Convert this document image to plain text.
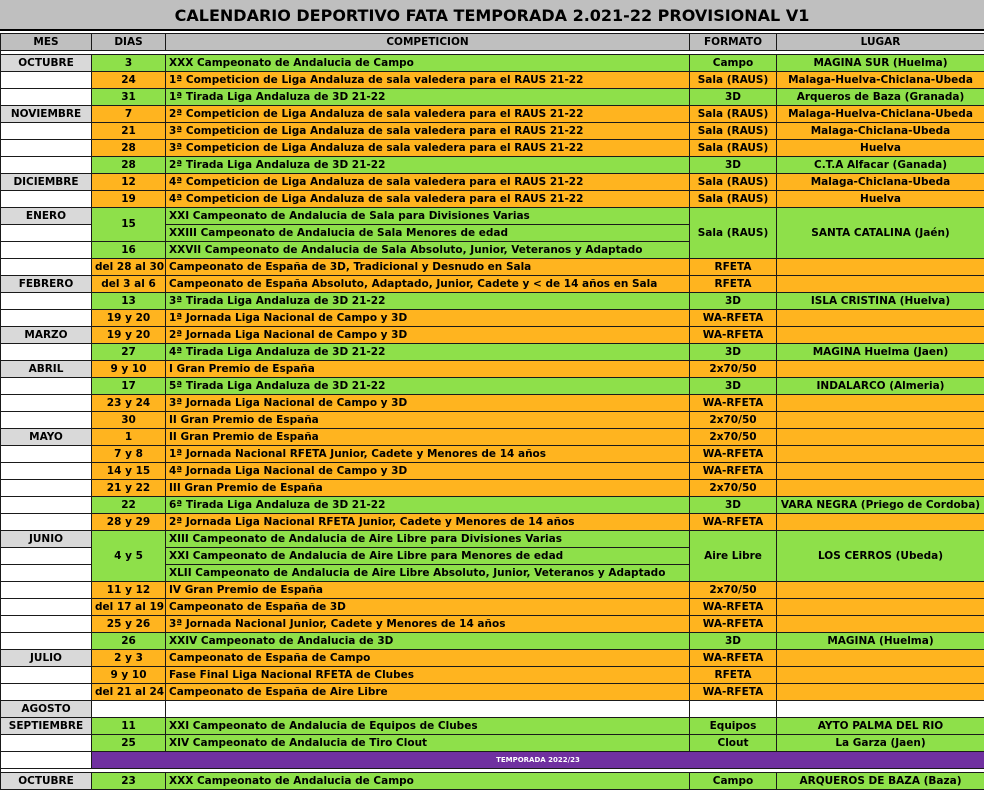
CALENDARIO DEPORTIVO FATA TEMPORADA 2.021-22 PROVISIONAL V1
MES	DIAS	COMPETICION	FORMATO	LUGAR

OCTUBRE	3	XXX Campeonato de Andalucia de Campo	Campo	MAGINA SUR (Huelma)
	24	1ª Competicion de Liga Andaluza de sala valedera para el RAUS 21-22	Sala (RAUS)	Malaga-Huelva-Chiclana-Ubeda
	31	1ª Tirada Liga Andaluza de 3D 21-22	3D	Arqueros de Baza (Granada)
NOVIEMBRE	7	2ª Competicion de Liga Andaluza de sala valedera para el RAUS 21-22	Sala (RAUS)	Malaga-Huelva-Chiclana-Ubeda
	21	3ª Competicion de Liga Andaluza de sala valedera para el RAUS 21-22	Sala (RAUS)	Malaga-Chiclana-Ubeda
	28	3ª Competicion de Liga Andaluza de sala valedera para el RAUS 21-22	Sala (RAUS)	Huelva
	28	2ª Tirada Liga Andaluza de 3D 21-22	3D	C.T.A Alfacar (Ganada)
DICIEMBRE	12	4ª Competicion de Liga Andaluza de sala valedera para el RAUS 21-22	Sala (RAUS)	Malaga-Chiclana-Ubeda
	19	4ª Competicion de Liga Andaluza de sala valedera para el RAUS 21-22	Sala (RAUS)	Huelva
ENERO	15	XXI Campeonato de Andalucia de Sala para Divisiones Varias	Sala (RAUS)	SANTA CATALINA (Jaén)
		XXIII Campeonato de Andalucia de Sala Menores de edad		
	16	XXVII Campeonato de Andalucia de Sala Absoluto, Junior, Veteranos y Adaptado		
	del 28 al 30	Campeonato de España de 3D, Tradicional y Desnudo en Sala	RFETA	
FEBRERO	del 3 al 6	Campeonato de España Absoluto, Adaptado, Junior, Cadete y < de 14 años en Sala	RFETA	
	13	3ª Tirada Liga Andaluza de 3D 21-22	3D	ISLA CRISTINA (Huelva)
	19 y 20	1ª Jornada Liga Nacional de Campo y 3D	WA-RFETA	
MARZO	19 y 20	2ª Jornada Liga Nacional de Campo y 3D	WA-RFETA	
	27	4ª Tirada Liga Andaluza de 3D 21-22	3D	MAGINA Huelma (Jaen)
ABRIL	9 y 10	I Gran Premio de España	2x70/50	
	17	5ª Tirada Liga Andaluza de 3D 21-22	3D	INDALARCO (Almeria)
	23 y 24	3ª Jornada Liga Nacional de Campo y 3D	WA-RFETA	
	30	II Gran Premio de España	2x70/50	
MAYO	1	II Gran Premio de España	2x70/50	
	7 y 8	1ª Jornada Nacional RFETA Junior, Cadete y Menores de 14 años	WA-RFETA	
	14 y 15	4ª Jornada Liga Nacional de Campo y 3D	WA-RFETA	
	21 y 22	III Gran Premio de España	2x70/50	
	22	6ª Tirada Liga Andaluza de 3D 21-22	3D	VARA NEGRA (Priego de Cordoba)
	28 y 29	2ª Jornada Liga Nacional RFETA Junior, Cadete y Menores de 14 años	WA-RFETA	
JUNIO	4 y 5	XIII Campeonato de Andalucia de Aire Libre para Divisiones Varias	Aire Libre	LOS CERROS (Ubeda)
		XXI Campeonato de Andalucia de Aire Libre para Menores de edad		
		XLII Campeonato de Andalucia de Aire Libre Absoluto, Junior, Veteranos y Adaptado		
	11 y 12	IV Gran Premio de España	2x70/50	
	del 17 al 19	Campeonato de España de 3D	WA-RFETA	
	25 y 26	3ª Jornada Nacional Junior, Cadete y Menores de 14 años	WA-RFETA	
	26	XXIV Campeonato de Andalucia de 3D	3D	MAGINA (Huelma)
JULIO	2 y 3	Campeonato de España de Campo	WA-RFETA	
	9 y 10	Fase Final Liga Nacional RFETA de Clubes	RFETA	
	del 21 al 24	Campeonato de España de Aire Libre	WA-RFETA	
AGOSTO				
SEPTIEMBRE	11	XXI Campeonato de Andalucia de Equipos de Clubes	Equipos	AYTO PALMA DEL RIO
	25	XIV Campeonato de Andalucia de Tiro Clout	Clout	La Garza (Jaen)
	TEMPORADA 2022/23			

OCTUBRE	23	XXX Campeonato de Andalucia de Campo	Campo	ARQUEROS DE BAZA (Baza)
